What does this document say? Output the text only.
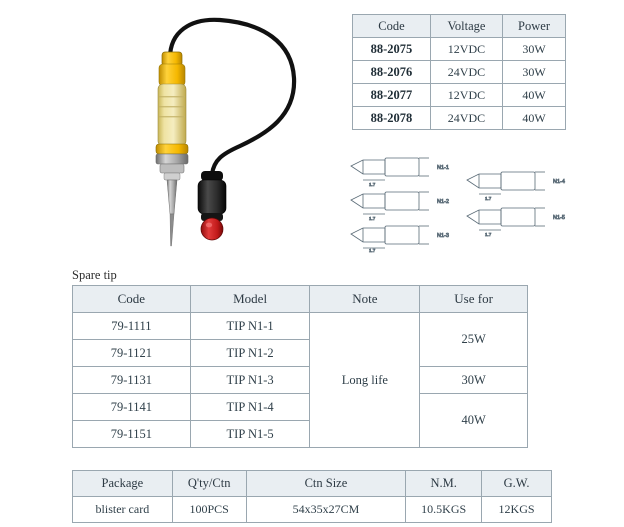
Code	Voltage	Power
88-2075	12VDC	30W
88-2076	24VDC	30W
88-2077	12VDC	40W
88-2078	24VDC	40W
1.7
N1-1
1.7
N1-2
1.7
N1-3
1.7
N1-4
1.7
N1-5
Spare tip
Code	Model	Note	Use for
79-1111	TIP N1-1	Long life	25W
79-1121	TIP N1-2		
79-1131	TIP N1-3		30W
79-1141	TIP N1-4		40W
79-1151	TIP N1-5		
Package	Q'ty/Ctn	Ctn Size	N.M.	G.W.
blister card	100PCS	54x35x27CM	10.5KGS	12KGS
